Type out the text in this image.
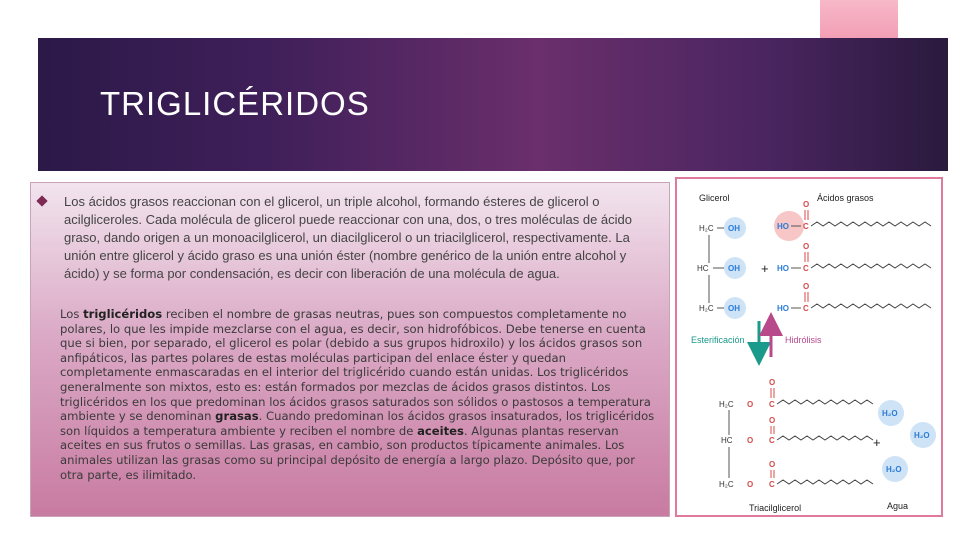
TRIGLICÉRIDOS
Los ácidos grasos reaccionan con el glicerol, un triple alcohol, formando ésteres de glicerol o acilgliceroles. Cada molécula de glicerol puede reaccionar con una, dos, o tres moléculas de ácido graso, dando origen a un monoacilglicerol, un diacilglicerol o un triacilglicerol, respectivamente. La unión entre glicerol y ácido graso es una unión éster (nombre genérico de la unión entre alcohol y ácido) y se forma por condensación, es decir con liberación de una molécula de agua.
Los triglicéridos reciben el nombre de grasas neutras, pues son compuestos completamente no polares, lo que les impide mezclarse con el agua, es decir, son hidrofóbicos. Debe tenerse en cuenta que si bien, por separado, el glicerol es polar (debido a sus grupos hidroxilo) y los ácidos grasos son anfipáticos, las partes polares de estas moléculas participan del enlace éster y quedan completamente enmascaradas en el interior del triglicérido cuando están unidas. Los triglicéridos generalmente son mixtos, esto es: están formados por mezclas de ácidos grasos distintos. Los triglicéridos en los que predominan los ácidos grasos saturados son sólidos o pastosos a temperatura ambiente y se denominan grasas. Cuando predominan los ácidos grasos insaturados, los triglicéridos son líquidos a temperatura ambiente y reciben el nombre de aceites. Algunas plantas reservan aceites en sus frutos o semillas. Las grasas, en cambio, son productos típicamente animales. Los animales utilizan las grasas como su principal depósito de energía a largo plazo. Depósito que, por otra parte, es ilimitado.
Glicerol	Ácidos grasos
H₂C
HC
H₂C
OH
OH
OH
+
HO
HO
HO
C
C
C
O
O
O
Esterificación	Hidrólisis
H₂C
HC
H₂C
O
O
O
C
C
C
O
O
O
+
H₂O
H₂O
H₂O
Triacilglicerol	Agua
